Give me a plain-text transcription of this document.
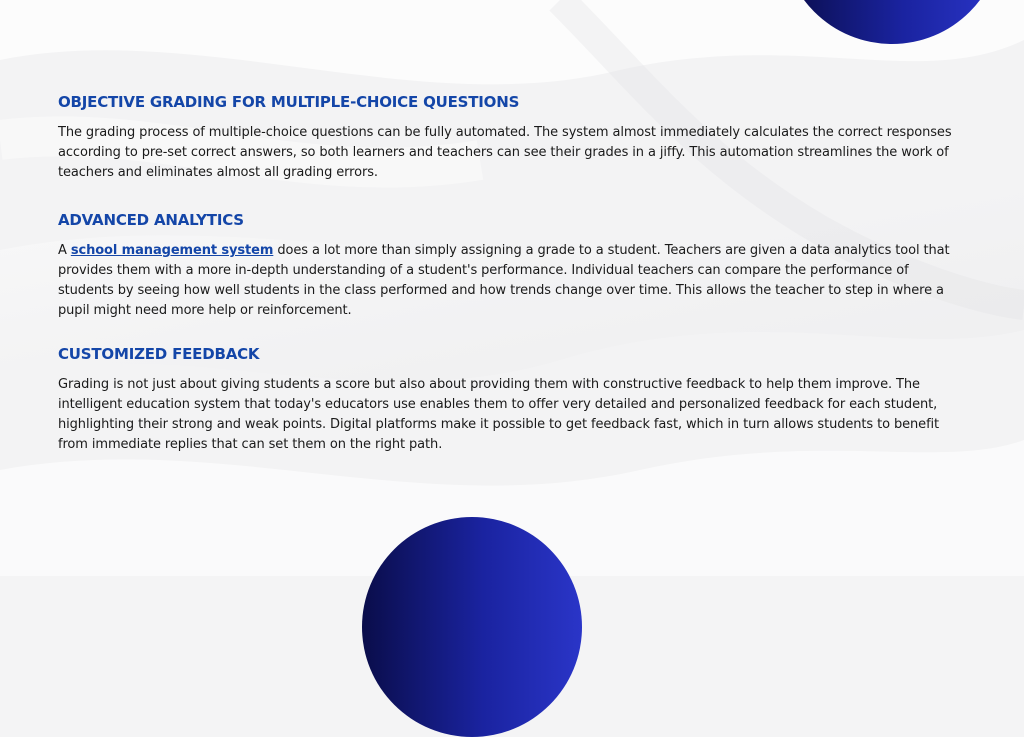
OBJECTIVE GRADING FOR MULTIPLE-CHOICE QUESTIONS

The grading process of multiple-choice questions can be fully automated. The system almost immediately calculates the correct responses according to pre-set correct answers, so both learners and teachers can see their grades in a jiffy. This automation streamlines the work of teachers and eliminates almost all grading errors.

ADVANCED ANALYTICS

A school management system does a lot more than simply assigning a grade to a student. Teachers are given a data analytics tool that provides them with a more in-depth understanding of a student's performance. Individual teachers can compare the performance of students by seeing how well students in the class performed and how trends change over time. This allows the teacher to step in where a pupil might need more help or reinforcement.

CUSTOMIZED FEEDBACK

Grading is not just about giving students a score but also about providing them with constructive feedback to help them improve. The intelligent education system that today's educators use enables them to offer very detailed and personalized feedback for each student, highlighting their strong and weak points. Digital platforms make it possible to get feedback fast, which in turn allows students to benefit from immediate replies that can set them on the right path.
